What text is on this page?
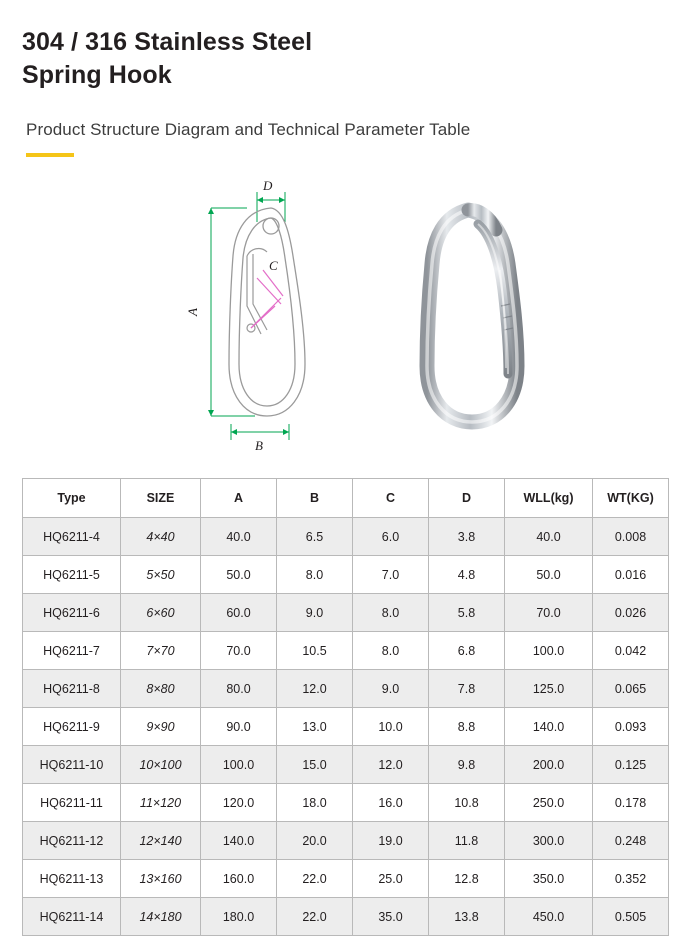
304 / 316 Stainless Steel
Spring Hook
Product Structure Diagram and Technical Parameter Table
D
A
B
C
Type	SIZE	A	B	C	D	WLL(kg)	WT(KG)
HQ6211-4	4×40	40.0	6.5	6.0	3.8	40.0	0.008
HQ6211-5	5×50	50.0	8.0	7.0	4.8	50.0	0.016
HQ6211-6	6×60	60.0	9.0	8.0	5.8	70.0	0.026
HQ6211-7	7×70	70.0	10.5	8.0	6.8	100.0	0.042
HQ6211-8	8×80	80.0	12.0	9.0	7.8	125.0	0.065
HQ6211-9	9×90	90.0	13.0	10.0	8.8	140.0	0.093
HQ6211-10	10×100	100.0	15.0	12.0	9.8	200.0	0.125
HQ6211-11	11×120	120.0	18.0	16.0	10.8	250.0	0.178
HQ6211-12	12×140	140.0	20.0	19.0	11.8	300.0	0.248
HQ6211-13	13×160	160.0	22.0	25.0	12.8	350.0	0.352
HQ6211-14	14×180	180.0	22.0	35.0	13.8	450.0	0.505
